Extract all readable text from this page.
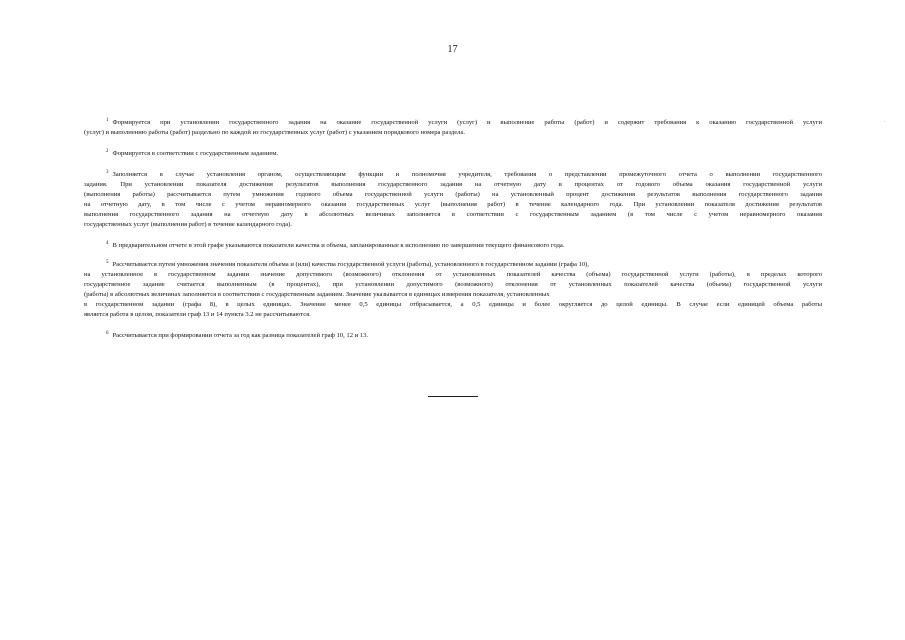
17

$^1$ Формируется при установлении государственного задания на оказание государственной услуги (услуг) и выполнение работы (работ) и содержит требования к оказанию государственной услуги
(услуг) и выполнению работы (работ) раздельно по каждой из государственных услуг (работ) с указанием порядкового номера раздела.

$^2$ Формируется в соответствии с государственным заданием.

$^3$ Заполняется в случае установления органом, осуществляющим функции и полномочия учредителя, требования о представлении промежуточного отчета о выполнении государственного
задания. При установлении показателя достижения результатов выполнения государственного задания на отчетную дату в процентах от годового объема оказания государственной услуги
(выполнения работы) рассчитывается путем умножения годового объема государственной услуги (работы) на установленный процент достижения результатов выполнения государственного задания
на отчетную дату, в том числе с учетом неравномерного оказания государственных услуг (выполнения работ) в течение календарного года. При установлении показателя достижения результатов
выполнения государственного задания на отчетную дату в абсолютных величинах заполняется в соответствии с государственным заданием (в том числе с учетом неравномерного оказания
государственных услуг (выполнения работ) в течение календарного года).

$^4$ В предварительном отчете в этой графе указываются показатели качества и объема, запланированные к исполнению по завершении текущего финансового года.

$^5$ Рассчитывается путем умножения значения показателя объема и (или) качества государственной услуги (работы), установленного в государственном задании (графа 10),
на установленное в государственном задании значение допустимого (возможного) отклонения от установленных показателей качества (объема) государственной услуги (работы), в пределах которого
государственное задание считается выполненным (в процентах), при установлении допустимого (возможного) отклонения от установленных показателей качества (объема) государственной услуги
(работы) в абсолютных величинах заполняется в соответствии с государственным заданием. Значение указывается в единицах измерения показателя, установленных
в государственном задании (графа 8), в целых единицах. Значение менее 0,5 единицы отбрасывается, а 0,5 единицы и более округляется до целой единицы. В случае если единицей объема работы
является работа в целом, показатели граф 13 и 14 пункта 3.2 не рассчитываются.

$^6$ Рассчитывается при формировании отчета за год как разница показателей граф 10, 12 и 13.

.
